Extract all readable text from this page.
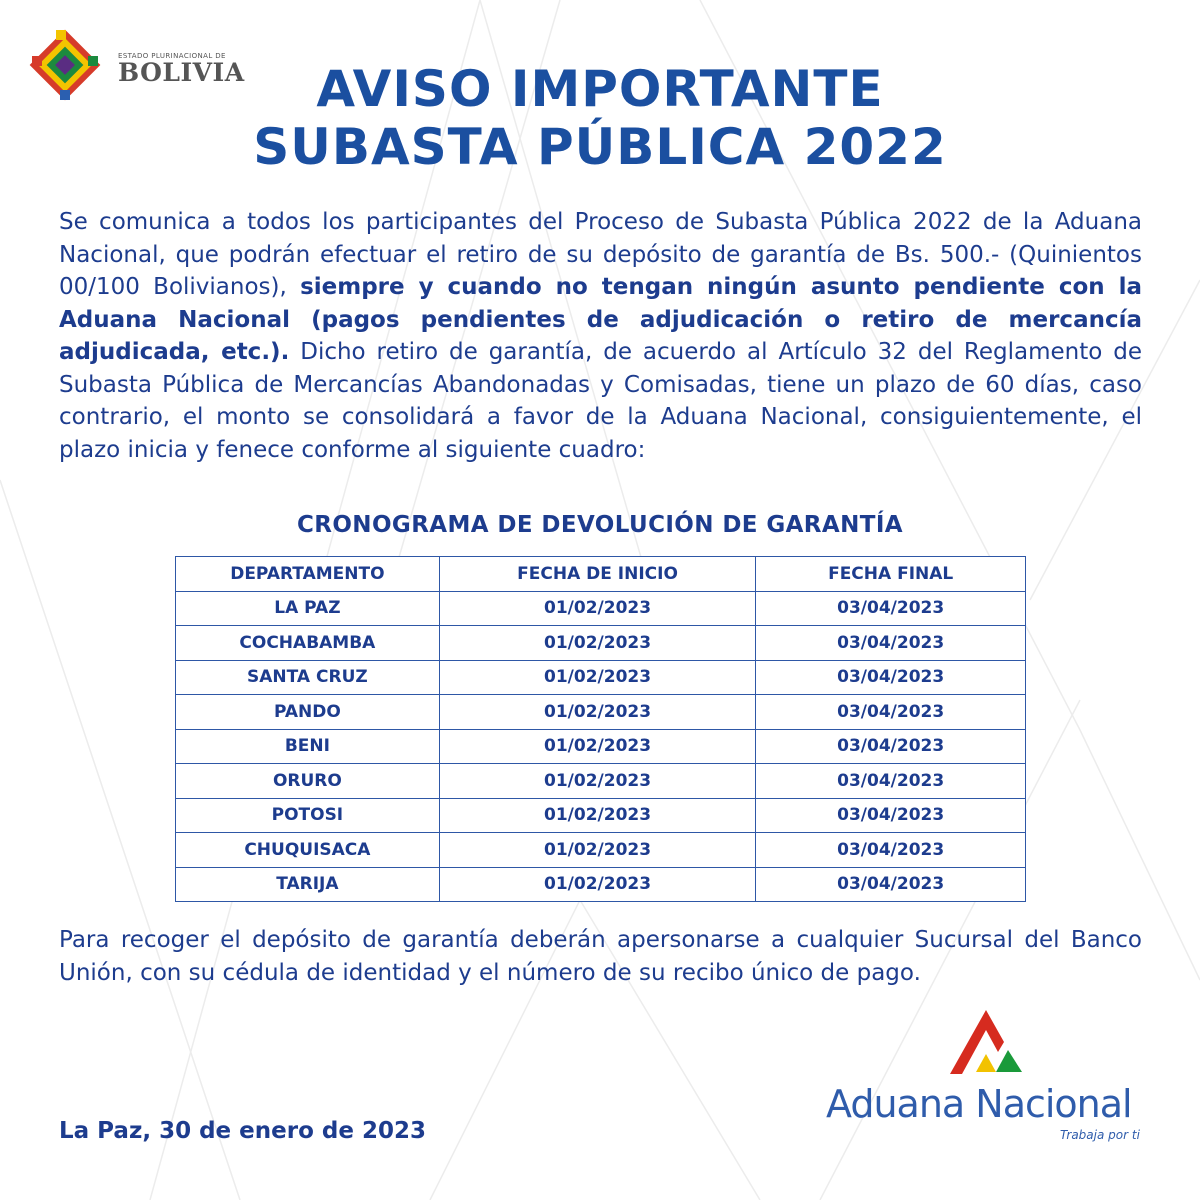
ESTADO PLURINACIONAL DE
BOLIVIA	AVISO IMPORTANTE
SUBASTA PÚBLICA 2022

Se comunica a todos los participantes del Proceso de Subasta Pública 2022 de la Aduana Nacional, que podrán efectuar el retiro de su depósito de garantía de Bs. 500.- (Quinientos 00/100 Bolivianos), siempre y cuando no tengan ningún asunto pendiente con la Aduana Nacional (pagos pendientes de adjudicación o retiro de mercancía adjudicada, etc.). Dicho retiro de garantía, de acuerdo al Artículo 32 del Reglamento de Subasta Pública de Mercancías Abandonadas y Comisadas, tiene un plazo de 60 días, caso contrario, el monto se consolidará a favor de la Aduana Nacional, consiguientemente, el plazo inicia y fenece conforme al siguiente cuadro:

CRONOGRAMA DE DEVOLUCIÓN DE GARANTÍA
DEPARTAMENTO	FECHA DE INICIO	FECHA FINAL
LA PAZ	01/02/2023	03/04/2023
COCHABAMBA	01/02/2023	03/04/2023
SANTA CRUZ	01/02/2023	03/04/2023
PANDO	01/02/2023	03/04/2023
BENI	01/02/2023	03/04/2023
ORURO	01/02/2023	03/04/2023
POTOSI	01/02/2023	03/04/2023
CHUQUISACA	01/02/2023	03/04/2023
TARIJA	01/02/2023	03/04/2023

Para recoger el depósito de garantía deberán apersonarse a cualquier Sucursal del Banco Unión, con su cédula de identidad y el número de su recibo único de pago.

La Paz, 30 de enero de 2023
Aduana Nacional
Trabaja por ti
